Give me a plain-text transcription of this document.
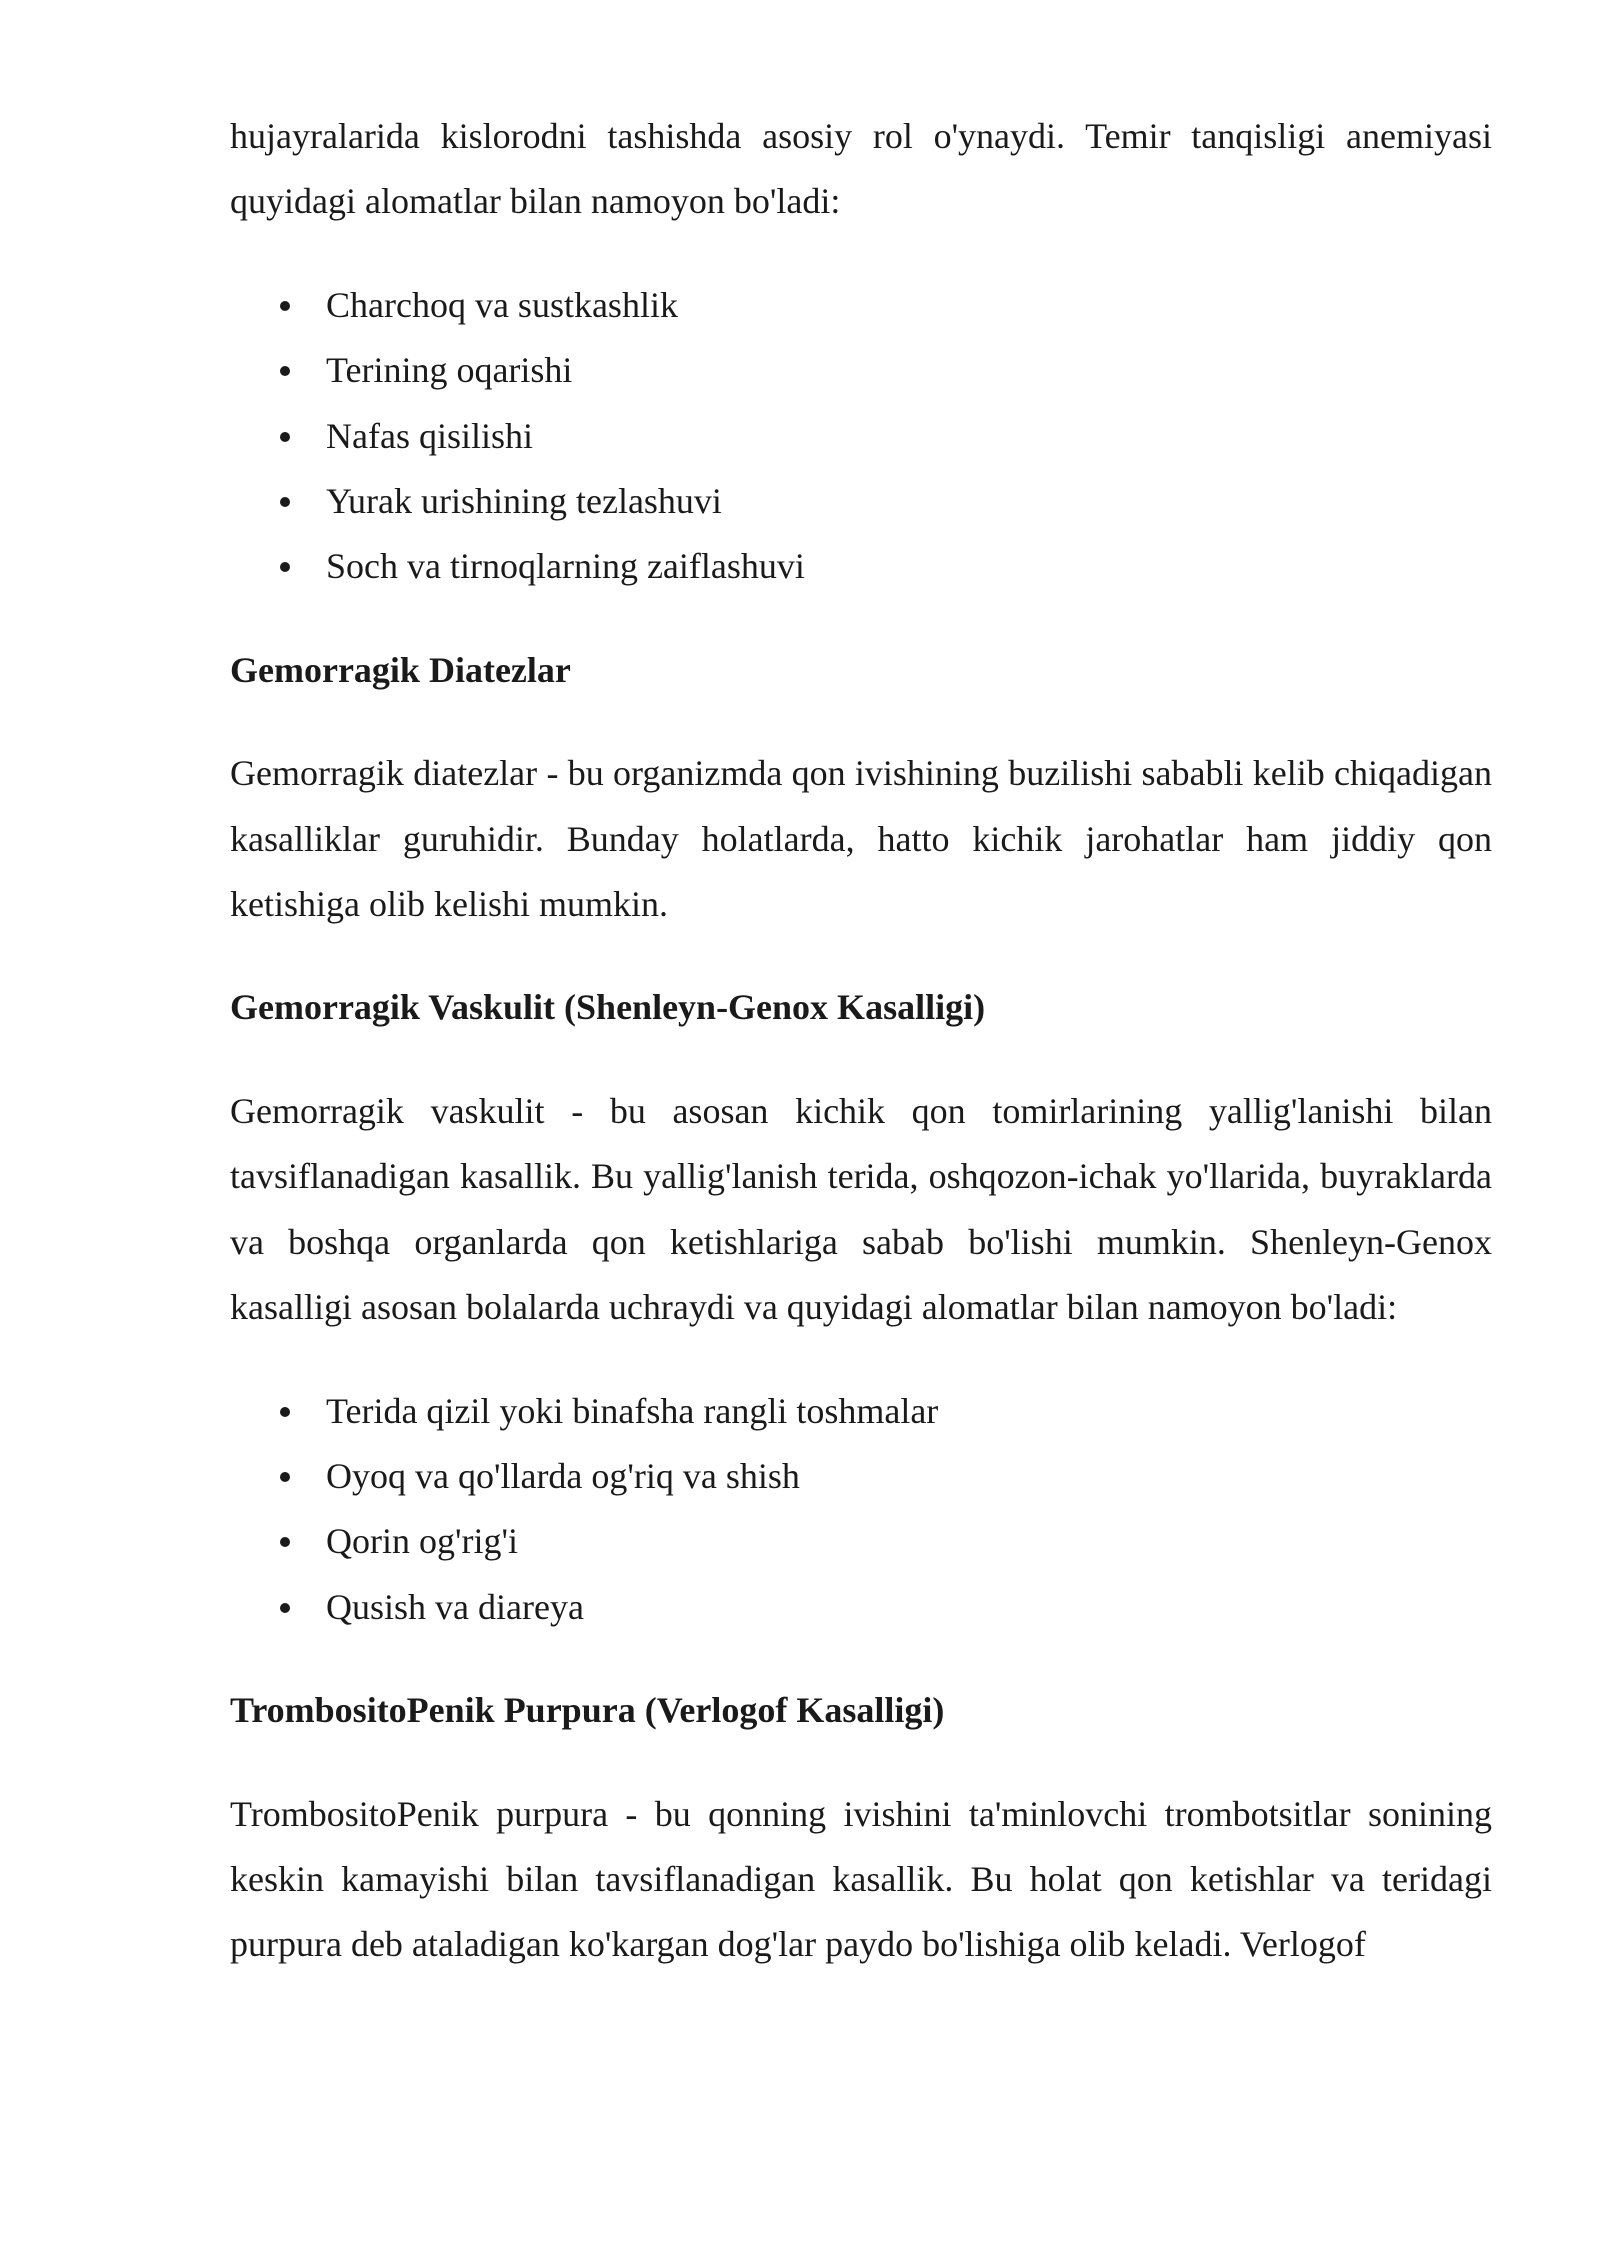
hujayralarida kislorodni tashishda asosiy rol o'ynaydi. Temir tanqisligi anemiyasi quyidagi alomatlar bilan namoyon bo'ladi:

Charchoq va sustkashlik
Terining oqarishi
Nafas qisilishi
Yurak urishining tezlashuvi
Soch va tirnoqlarning zaiflashuvi
Gemorragik Diatezlar

Gemorragik diatezlar - bu organizmda qon ivishining buzilishi sababli kelib chiqadigan kasalliklar guruhidir. Bunday holatlarda, hatto kichik jarohatlar ham jiddiy qon ketishiga olib kelishi mumkin.

Gemorragik Vaskulit (Shenleyn-Genox Kasalligi)

Gemorragik vaskulit - bu asosan kichik qon tomirlarining yallig'lanishi bilan tavsiflanadigan kasallik. Bu yallig'lanish terida, oshqozon-ichak yo'llarida, buyraklarda va boshqa organlarda qon ketishlariga sabab bo'lishi mumkin. Shenleyn-Genox kasalligi asosan bolalarda uchraydi va quyidagi alomatlar bilan namoyon bo'ladi:

Terida qizil yoki binafsha rangli toshmalar
Oyoq va qo'llarda og'riq va shish
Qorin og'rig'i
Qusish va diareya
TrombositoPenik Purpura (Verlogof Kasalligi)

TrombositoPenik purpura - bu qonning ivishini ta'minlovchi trombotsitlar sonining keskin kamayishi bilan tavsiflanadigan kasallik. Bu holat qon ketishlar va teridagi purpura deb ataladigan ko'kargan dog'lar paydo bo'lishiga olib keladi. Verlogof
